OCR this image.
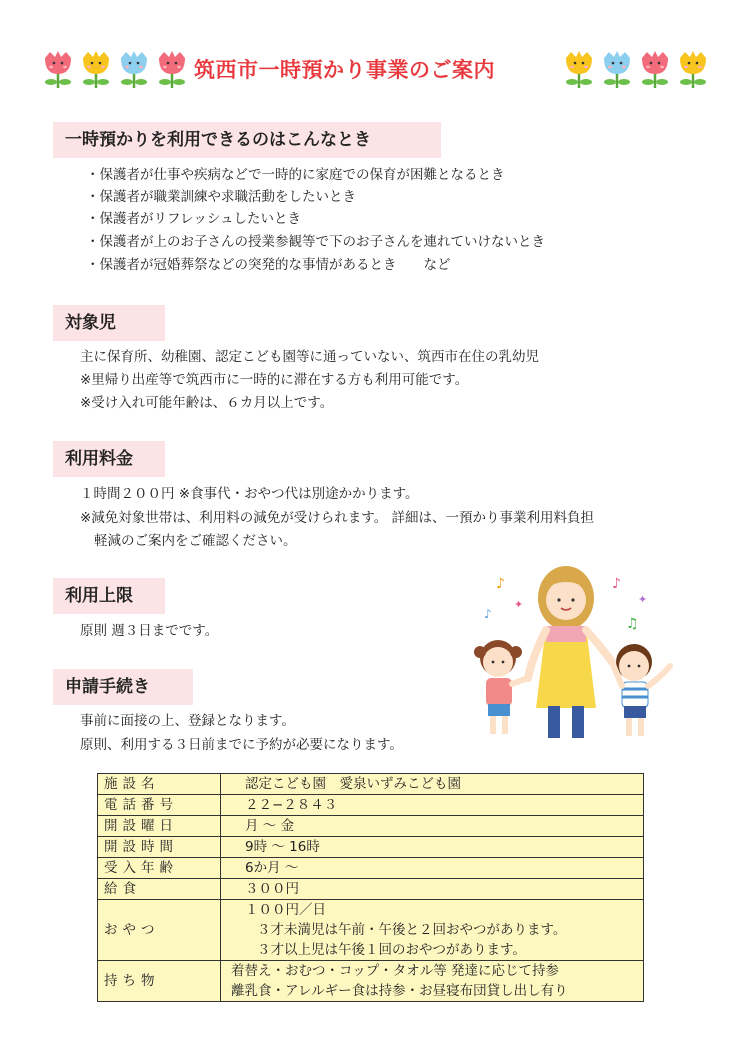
筑西市一時預かり事業のご案内
一時預かりを利用できるのはこんなとき
・保護者が仕事や疾病などで一時的に家庭での保育が困難となるとき
・保護者が職業訓練や求職活動をしたいとき
・保護者がリフレッシュしたいとき
・保護者が上のお子さんの授業参観等で下のお子さんを連れていけないとき
・保護者が冠婚葬祭などの突発的な事情があるとき　　など
対象児
主に保育所、幼稚園、認定こども園等に通っていない、筑西市在住の乳幼児
※里帰り出産等で筑西市に一時的に滞在する方も利用可能です。
※受け入れ可能年齢は、６カ月以上です。
利用料金
１時間２００円 ※食事代・おやつ代は別途かかります。
※減免対象世帯は、利用料の減免が受けられます。 詳細は、一預かり事業利用料負担
軽減のご案内をご確認ください。
利用上限
原則 週３日までです。
申請手続き
事前に面接の上、登録となります。
原則、利用する３日前までに予約が必要になります。
♪
♪
✦
♪
✦
♫
施設名	認定こども園　愛泉いずみこども園
電話番号	２２−２８４３
開設曜日	月 〜 金
開設時間	9時 〜 16時
受入年齢	6か月 〜
給食	３００円
おやつ	１００円／日
３才未満児は午前・午後と２回おやつがあります。
３才以上児は午後１回のおやつがあります。

持ち物	着替え・おむつ・コップ・タオル等 発達に応じて持参
離乳食・アレルギー食は持参・お昼寝布団貸し出し有り
